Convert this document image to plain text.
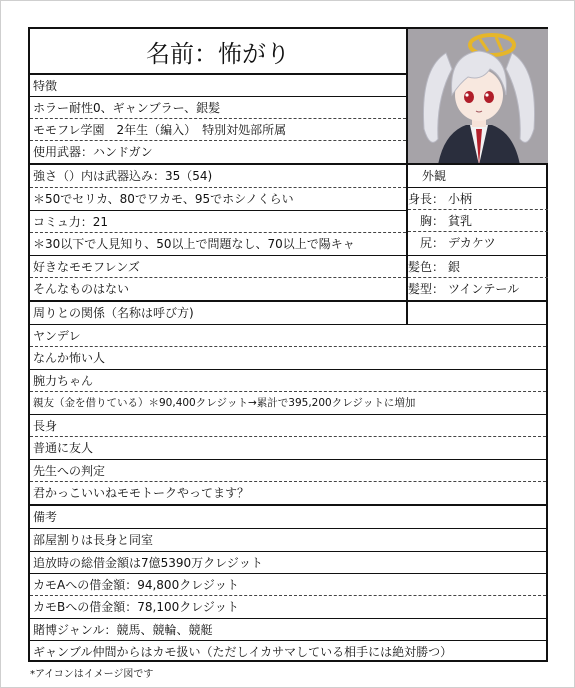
名前：怖がり
特徴
ホラー耐性0、ギャンブラー、銀髪
モモフレ学園　2年生（編入）　特別対処部所属
使用武器：ハンドガン
強さ（）内は武器込み：35（54)
＊50でセリカ、80でワカモ、95でホシノくらい
コミュ力：21
＊30以下で人見知り、50以上で問題なし、70以上で陽キャ
好きなモモフレンズ
外観
身長： 小柄
胸： 貧乳
尻： デカケツ
髪色： 銀
そんなものはない	髪型： ツインテール
周りとの関係（名称は呼び方)
ヤンデレ
なんか怖い人
腕力ちゃん
親友（金を借りている）＊90,400クレジット→累計で395,200クレジットに増加
長身
普通に友人
先生への判定
君かっこいいねモモトークやってます？
備考
部屋割りは長身と同室
追放時の総借金額は7億5390万クレジット
カモAへの借金額：94,800クレジット
カモBへの借金額：78,100クレジット
賭博ジャンル：競馬、競輪、競艇
ギャンブル仲間からはカモ扱い（ただしイカサマしている相手には絶対勝つ）
*アイコンはイメージ図です
